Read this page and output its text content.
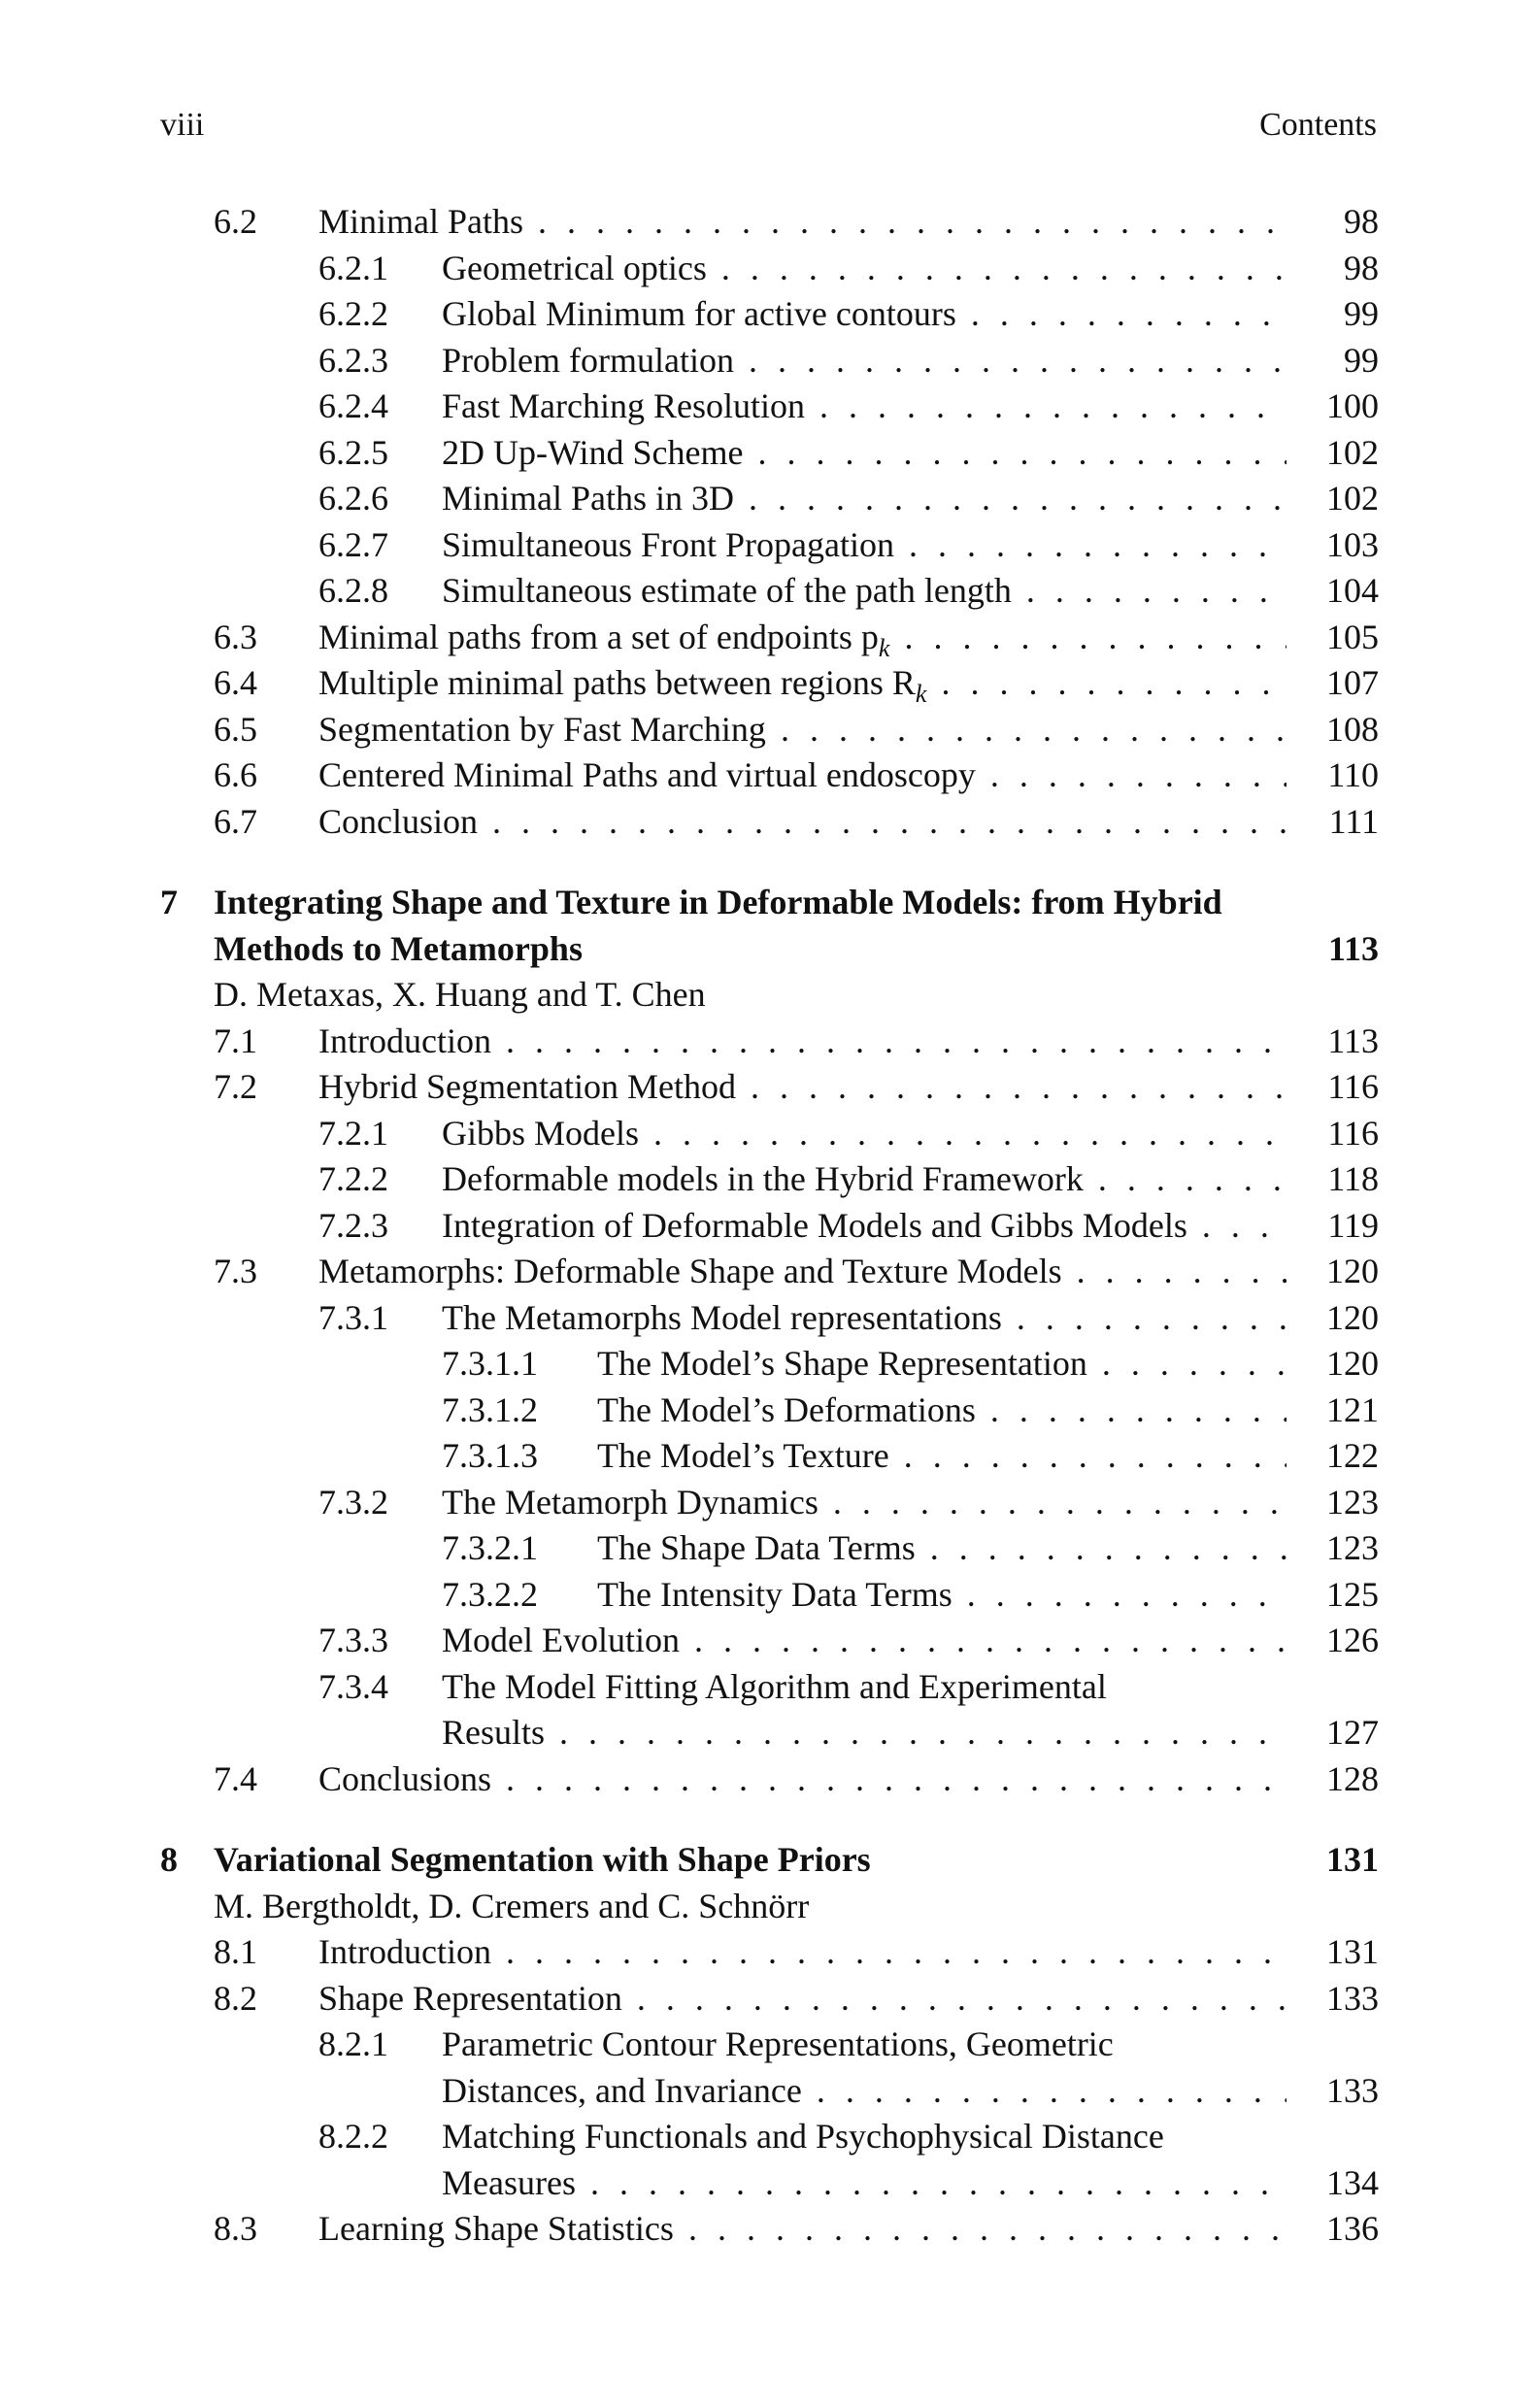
viii	Contents
6.2 Minimal Paths . . .	98
6.2.1 Geometrical optics . . .	98
6.2.2 Global Minimum for active contours . . .	99
6.2.3 Problem formulation . . .	99
6.2.4 Fast Marching Resolution . . .	100
6.2.5 2D Up-Wind Scheme . . .	102
6.2.6 Minimal Paths in 3D . . .	102
6.2.7 Simultaneous Front Propagation . . .	103
6.2.8 Simultaneous estimate of the path length . . .	104
6.3 Minimal paths from a set of endpoints $p_k$ . . .	105
6.4 Multiple minimal paths between regions $R_k$ . . .	107
6.5 Segmentation by Fast Marching . . .	108
6.6 Centered Minimal Paths and virtual endoscopy . . .	110
6.7 Conclusion . . .	111
7 Integrating Shape and Texture in Deformable Models: from Hybrid
Methods to Metamorphs	113
D. Metaxas, X. Huang and T. Chen
7.1 Introduction . . .	113
7.2 Hybrid Segmentation Method . . .	116
7.2.1 Gibbs Models . . .	116
7.2.2 Deformable models in the Hybrid Framework . . .	118
7.2.3 Integration of Deformable Models and Gibbs Models . . .	119
7.3 Metamorphs: Deformable Shape and Texture Models . . .	120
7.3.1 The Metamorphs Model representations . . .	120
7.3.1.1 The Model’s Shape Representation . . .	120
7.3.1.2 The Model’s Deformations . . .	121
7.3.1.3 The Model’s Texture . . .	122
7.3.2 The Metamorph Dynamics . . .	123
7.3.2.1 The Shape Data Terms . . .	123
7.3.2.2 The Intensity Data Terms . . .	125
7.3.3 Model Evolution . . .	126
7.3.4 The Model Fitting Algorithm and Experimental
Results . . .	127
7.4 Conclusions . . .	128
8 Variational Segmentation with Shape Priors	131
M. Bergtholdt, D. Cremers and C. Schnörr
8.1 Introduction . . .	131
8.2 Shape Representation . . .	133
8.2.1 Parametric Contour Representations, Geometric
Distances, and Invariance . . .	133
8.2.2 Matching Functionals and Psychophysical Distance
Measures . . .	134
8.3 Learning Shape Statistics . . .	136
